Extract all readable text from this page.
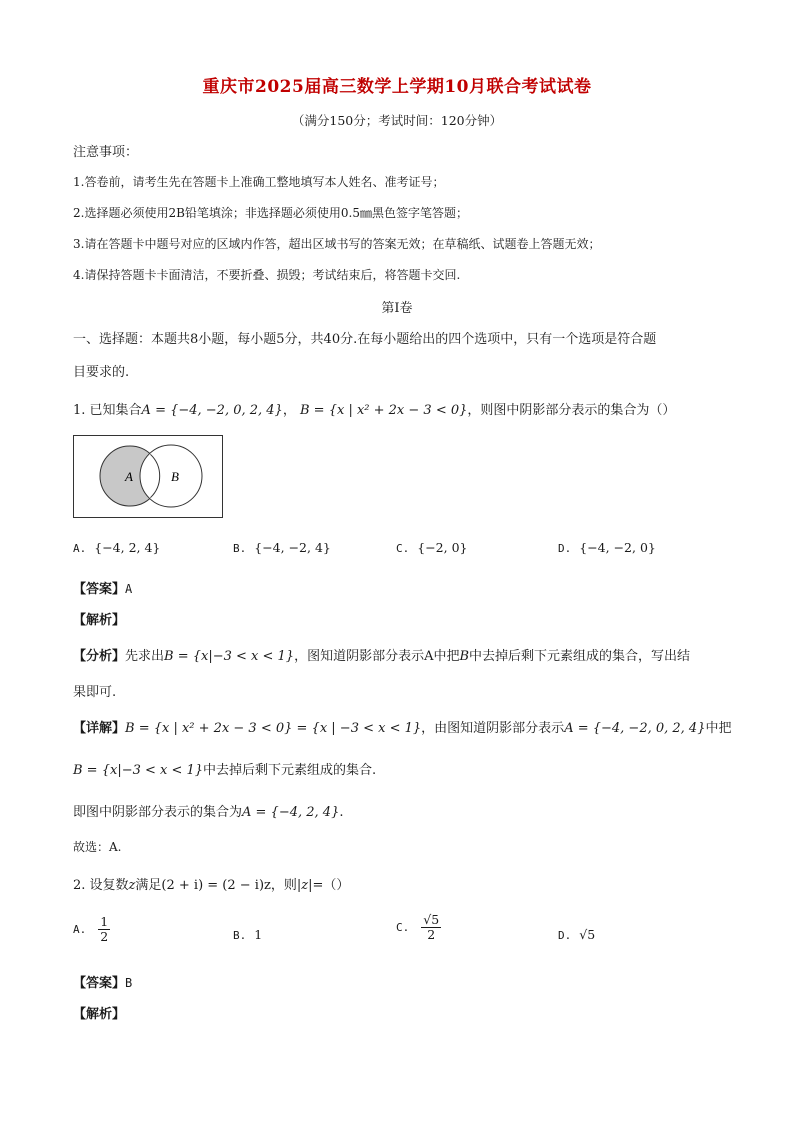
重庆市2025届高三数学上学期10月联合考试试卷
（满分150分；考试时间：120分钟）
注意事项：
1.答卷前，请考生先在答题卡上准确工整地填写本人姓名、准考证号；
2.选择题必须使用2B铅笔填涂；非选择题必须使用0.5㎜黑色签字笔答题；
3.请在答题卡中题号对应的区域内作答，超出区域书写的答案无效；在草稿纸、试题卷上答题无效；
4.请保持答题卡卡面清洁，不要折叠、损毁；考试结束后，将答题卡交回.
第I卷
一、选择题：本题共8小题，每小题5分，共40分.在每小题给出的四个选项中，只有一个选项是符合题
目要求的.
1. 已知集合A = {−4, −2, 0, 2, 4}， B = {x | x² + 2x − 3 < 0}，则图中阴影部分表示的集合为（）
A	B
A. {−4, 2, 4}	B. {−4, −2, 4}	C. {−2, 0}	D. {−4, −2, 0}
【答案】A
【解析】
【分析】先求出B = {x|−3 < x < 1}，图知道阴影部分表示A中把B中去掉后剩下元素组成的集合，写出结
果即可.
【详解】B = {x | x² + 2x − 3 < 0} = {x | −3 < x < 1}，由图知道阴影部分表示A = {−4, −2, 0, 2, 4}中把
B = {x|−3 < x < 1}中去掉后剩下元素组成的集合.
即图中阴影部分表示的集合为A = {−4, 2, 4}.
故选：A.
2. 设复数z满足(2 + i) = (2 − i)z，则|z|=（）
A. $\frac{1}{2}$	B. 1	C. $\frac{√5}{2}$	D. √5
【答案】B
【解析】
